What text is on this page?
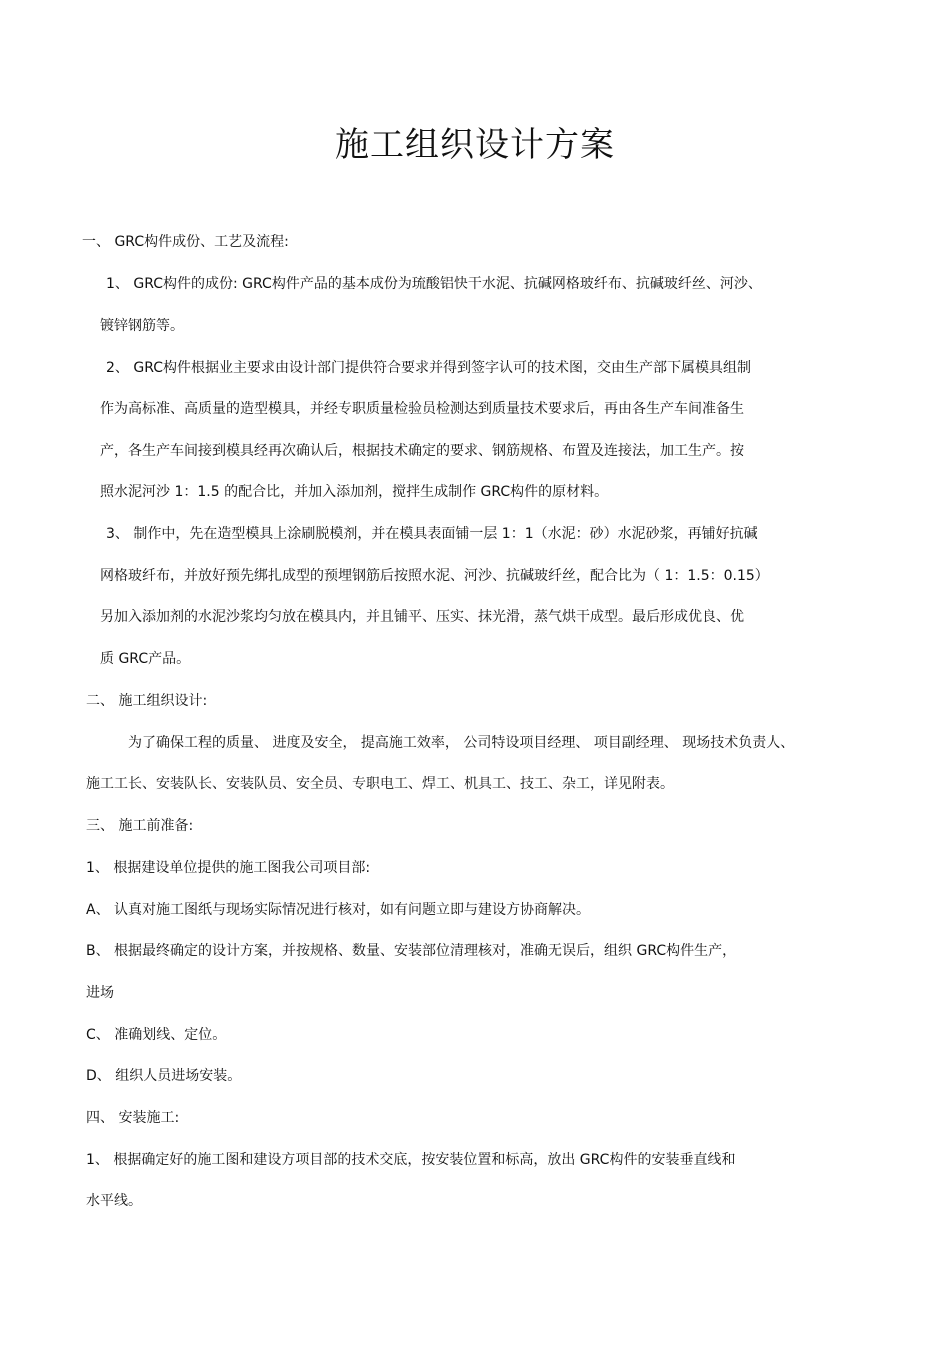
施工组织设计方案

一、 GRC构件成份、工艺及流程:

1、 GRC构件的成份: GRC构件产品的基本成份为琉酸铝快干水泥、抗碱网格玻纤布、抗碱玻纤丝、河沙、

镀锌钢筋等。

2、 GRC构件根据业主要求由设计部门提供符合要求并得到签字认可的技术图，交由生产部下属模具组制

作为高标准、高质量的造型模具，并经专职质量检验员检测达到质量技术要求后，再由各生产车间准备生

产，各生产车间接到模具经再次确认后，根据技术确定的要求、钢筋规格、布置及连接法，加工生产。按

照水泥河沙 1：1.5 的配合比，并加入添加剂，搅拌生成制作 GRC构件的原材料。

3、 制作中，先在造型模具上涂刷脱模剂，并在模具表面铺一层 1：1（水泥：砂）水泥砂浆，再铺好抗碱

网格玻纤布，并放好预先绑扎成型的预埋钢筋后按照水泥、河沙、抗碱玻纤丝，配合比为（ 1：1.5：0.15）

另加入添加剂的水泥沙浆均匀放在模具内，并且铺平、压实、抹光滑，蒸气烘干成型。最后形成优良、优

质 GRC产品。

二、 施工组织设计:

为了确保工程的质量、 进度及安全， 提高施工效率， 公司特设项目经理、 项目副经理、 现场技术负责人、

施工工长、安装队长、安装队员、安全员、专职电工、焊工、机具工、技工、杂工，详见附表。

三、 施工前准备:

1、 根据建设单位提供的施工图我公司项目部:

A、 认真对施工图纸与现场实际情况进行核对，如有问题立即与建设方协商解决。

B、 根据最终确定的设计方案，并按规格、数量、安装部位清理核对，准确无误后，组织 GRC构件生产，

进场

C、 准确划线、定位。

D、 组织人员进场安装。

四、 安装施工:

1、 根据确定好的施工图和建设方项目部的技术交底，按安装位置和标高，放出 GRC构件的安装垂直线和

水平线。
